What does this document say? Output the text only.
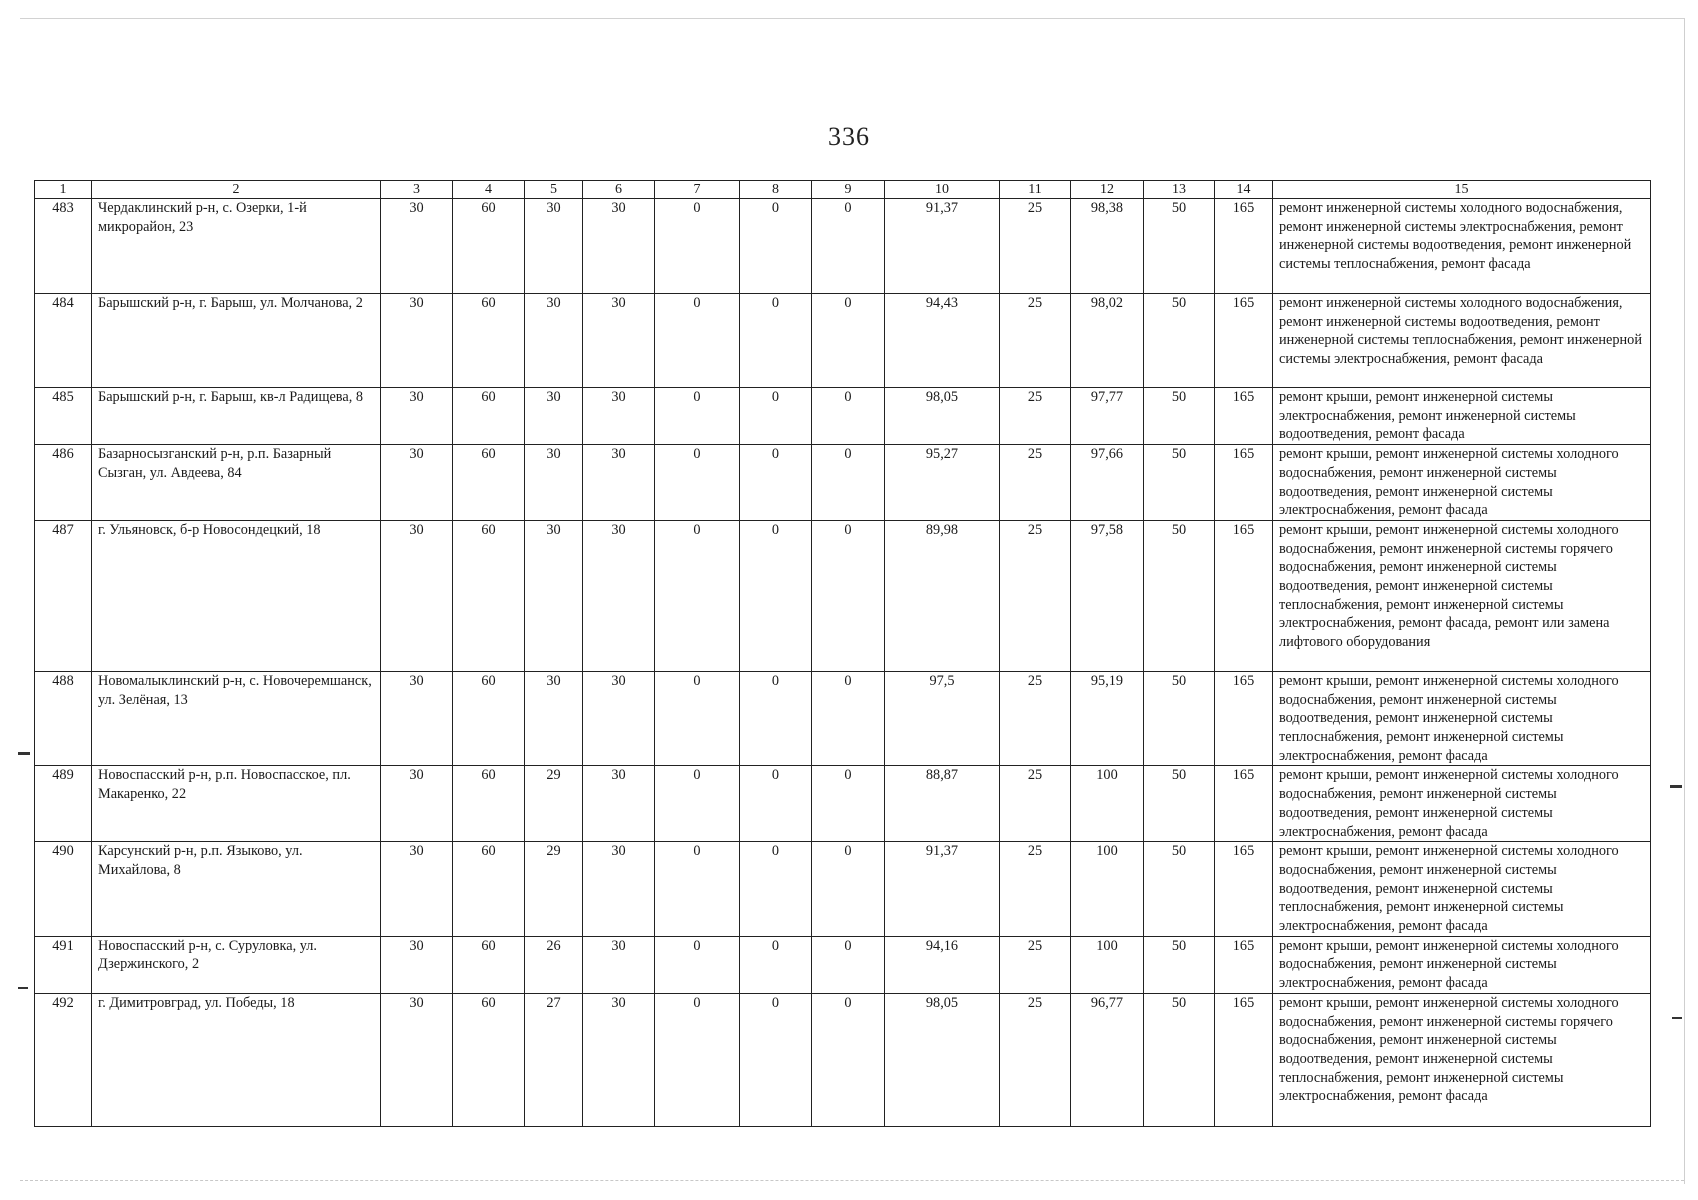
336
1	2	3	4	5	6	7	8	9	10	11	12	13	14	15
483	Чердаклинский р-н, с. Озерки, 1-й микрорайон, 23	30	60	30	30	0	0	0	91,37	25	98,38	50	165	ремонт инженерной системы холодного водоснабжения, ремонт инженерной системы электроснабжения, ремонт инженерной системы водоотведения, ремонт инженерной системы теплоснабжения, ремонт фасада
484	Барышский р-н, г. Барыш, ул. Молчанова, 2	30	60	30	30	0	0	0	94,43	25	98,02	50	165	ремонт инженерной системы холодного водоснабжения, ремонт инженерной системы водоотведения, ремонт инженерной системы теплоснабжения, ремонт инженерной системы электроснабжения, ремонт фасада
485	Барышский р-н, г. Барыш, кв-л Радищева, 8	30	60	30	30	0	0	0	98,05	25	97,77	50	165	ремонт крыши, ремонт инженерной системы электроснабжения, ремонт инженерной системы водоотведения, ремонт фасада
486	Базарносызганский р-н, р.п. Базарный Сызган, ул. Авдеева, 84	30	60	30	30	0	0	0	95,27	25	97,66	50	165	ремонт крыши, ремонт инженерной системы холодного водоснабжения, ремонт инженерной системы водоотведения, ремонт инженерной системы электроснабжения, ремонт фасада
487	г. Ульяновск, б-р Новосондецкий, 18	30	60	30	30	0	0	0	89,98	25	97,58	50	165	ремонт крыши, ремонт инженерной системы холодного водоснабжения, ремонт инженерной системы горячего водоснабжения, ремонт инженерной системы водоотведения, ремонт инженерной системы теплоснабжения, ремонт инженерной системы электроснабжения, ремонт фасада, ремонт или замена лифтового оборудования
488	Новомалыклинский р-н, с. Новочеремшанск, ул. Зелёная, 13	30	60	30	30	0	0	0	97,5	25	95,19	50	165	ремонт крыши, ремонт инженерной системы холодного водоснабжения, ремонт инженерной системы водоотведения, ремонт инженерной системы теплоснабжения, ремонт инженерной системы электроснабжения, ремонт фасада
489	Новоспасский р-н, р.п. Новоспасское, пл. Макаренко, 22	30	60	29	30	0	0	0	88,87	25	100	50	165	ремонт крыши, ремонт инженерной системы холодного водоснабжения, ремонт инженерной системы водоотведения, ремонт инженерной системы электроснабжения, ремонт фасада
490	Карсунский р-н, р.п. Языково, ул. Михайлова, 8	30	60	29	30	0	0	0	91,37	25	100	50	165	ремонт крыши, ремонт инженерной системы холодного водоснабжения, ремонт инженерной системы водоотведения, ремонт инженерной системы теплоснабжения, ремонт инженерной системы электроснабжения, ремонт фасада
491	Новоспасский р-н, с. Суруловка, ул. Дзержинского, 2	30	60	26	30	0	0	0	94,16	25	100	50	165	ремонт крыши, ремонт инженерной системы холодного водоснабжения, ремонт инженерной системы электроснабжения, ремонт фасада
492	г. Димитровград, ул. Победы, 18	30	60	27	30	0	0	0	98,05	25	96,77	50	165	ремонт крыши, ремонт инженерной системы холодного водоснабжения, ремонт инженерной системы горячего водоснабжения, ремонт инженерной системы водоотведения, ремонт инженерной системы теплоснабжения, ремонт инженерной системы электроснабжения, ремонт фасада
